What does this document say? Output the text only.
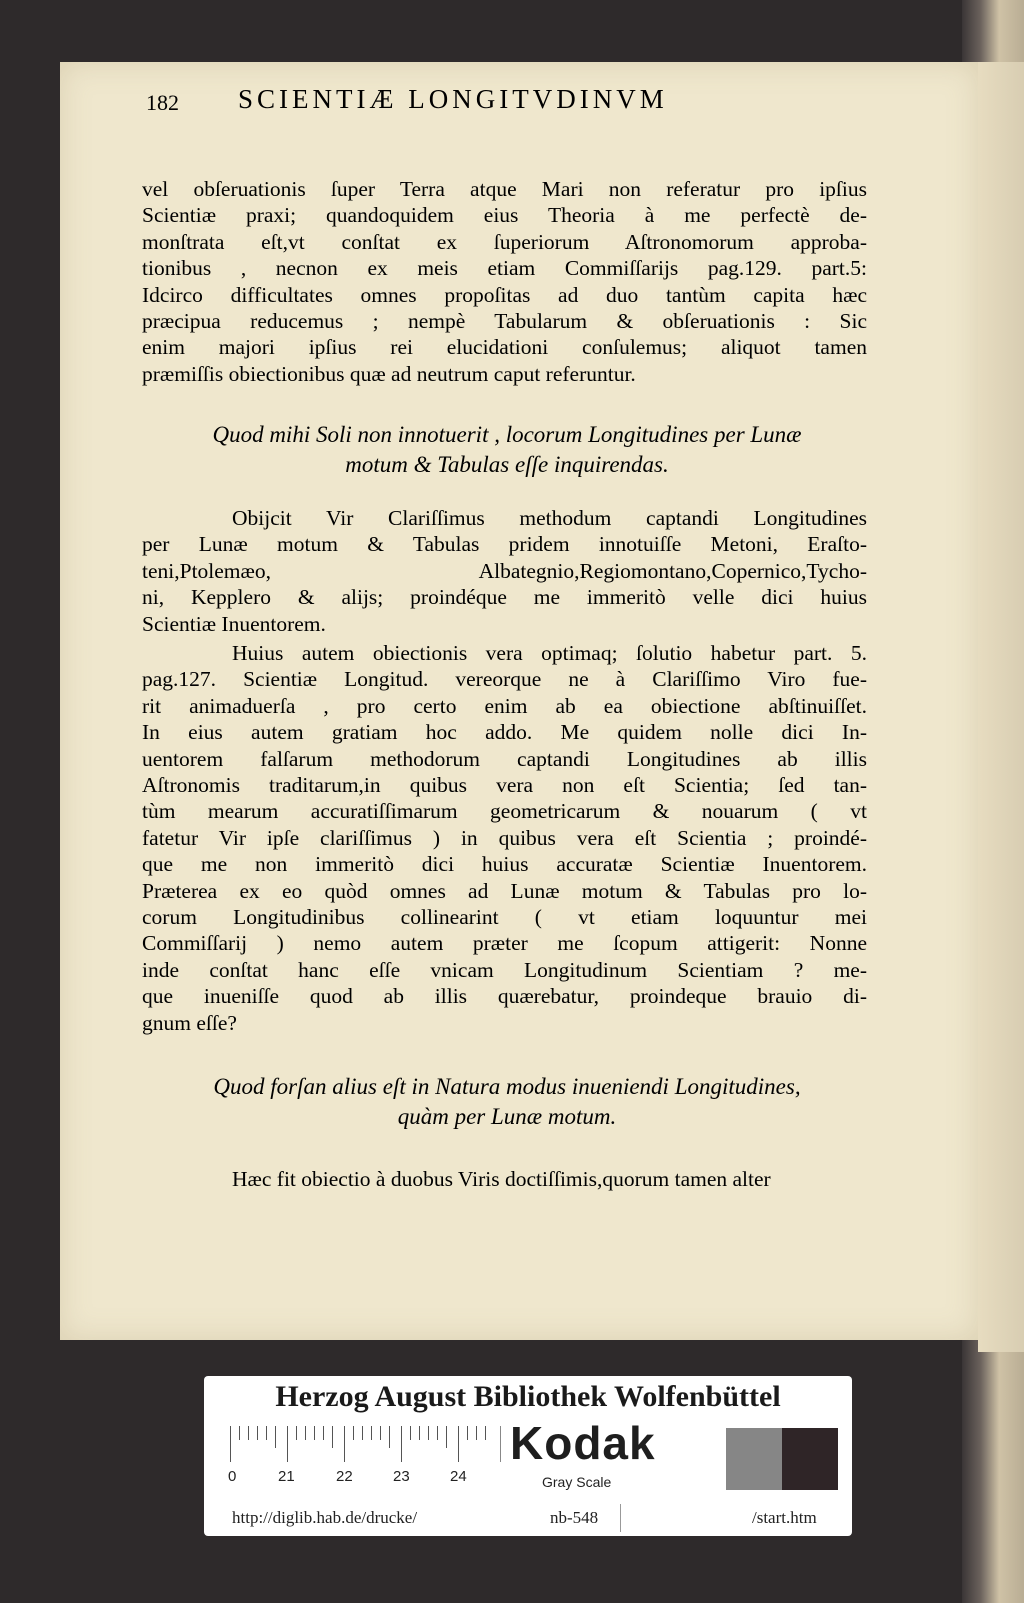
182 SCIENTIÆ LONGITVDINVM
vel obſeruationis ſuper Terra atque Mari non referatur pro ipſius
Scientiæ praxi; quandoquidem eius Theoria à me perfectè de-
monſtrata eſt,vt conſtat ex ſuperiorum Aſtronomorum approba-
tionibus , necnon ex meis etiam Commiſſarijs pag.129. part.5:
Idcirco difficultates omnes propoſitas ad duo tantùm capita hæc
præcipua reducemus ; nempè Tabularum & obſeruationis : Sic
enim majori ipſius rei elucidationi conſulemus; aliquot tamen
præmiſſis obiectionibus quæ ad neutrum caput referuntur.
Quod mihi Soli non innotuerit , locorum Longitudines per Lunæ
motum & Tabulas eſſe inquirendas.
Obijcit Vir Clariſſimus methodum captandi Longitudines
per Lunæ motum & Tabulas pridem innotuiſſe Metoni, Eraſto-
teni,Ptolemæo, Albategnio,Regiomontano,Copernico,Tycho-
ni, Kepplero & alijs; proindéque me immeritò velle dici huius
Scientiæ Inuentorem.
Huius autem obiectionis vera optimaq; ſolutio habetur part. 5.
pag.127. Scientiæ Longitud. vereorque ne à Clariſſimo Viro fue-
rit animaduerſa , pro certo enim ab ea obiectione abſtinuiſſet.
In eius autem gratiam hoc addo. Me quidem nolle dici In-
uentorem falſarum methodorum captandi Longitudines ab illis
Aſtronomis traditarum,in quibus vera non eſt Scientia; ſed tan-
tùm mearum accuratiſſimarum geometricarum & nouarum ( vt
fatetur Vir ipſe clariſſimus ) in quibus vera eſt Scientia ; proindé-
que me non immeritò dici huius accuratæ Scientiæ Inuentorem.
Præterea ex eo quòd omnes ad Lunæ motum & Tabulas pro lo-
corum Longitudinibus collinearint ( vt etiam loquuntur mei
Commiſſarij ) nemo autem præter me ſcopum attigerit: Nonne
inde conſtat hanc eſſe vnicam Longitudinum Scientiam ? me-
que inueniſſe quod ab illis quærebatur, proindeque brauio di-
gnum eſſe?
Quod forſan alius eſt in Natura modus inueniendi Longitudines,
quàm per Lunæ motum.
Hæc fit obiectio à duobus Viris doctiſſimis,quorum tamen alter
Herzog August Bibliothek Wolfenbüttel
0	21	22	23	24
Kodak
Gray Scale
http://diglib.hab.de/drucke/	nb-548	/start.htm
